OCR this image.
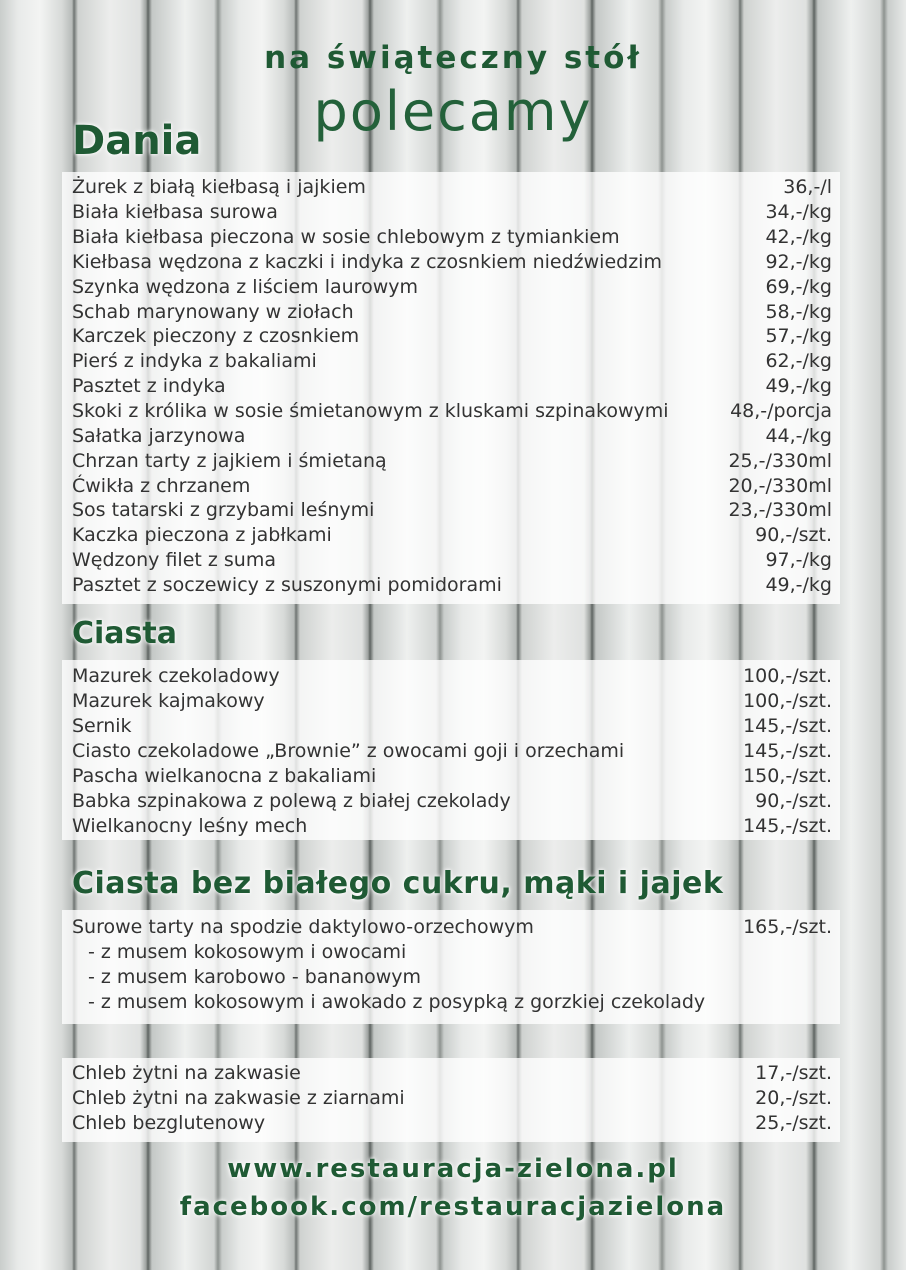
na świąteczny stół
polecamy
Dania
Ciasta
Ciasta bez białego cukru, mąki i jajek
Żurek z białą kiełbasą i jajkiem	36,-/l
Biała kiełbasa surowa	34,-/kg
Biała kiełbasa pieczona w sosie chlebowym z tymiankiem	42,-/kg
Kiełbasa wędzona z kaczki i indyka z czosnkiem niedźwiedzim	92,-/kg
Szynka wędzona z liściem laurowym	69,-/kg
Schab marynowany w ziołach	58,-/kg
Karczek pieczony z czosnkiem	57,-/kg
Pierś z indyka z bakaliami	62,-/kg
Pasztet z indyka	49,-/kg
Skoki z królika w sosie śmietanowym z kluskami szpinakowymi	48,-/porcja
Sałatka jarzynowa	44,-/kg
Chrzan tarty z jajkiem i śmietaną	25,-/330ml
Ćwikła z chrzanem	20,-/330ml
Sos tatarski z grzybami leśnymi	23,-/330ml
Kaczka pieczona z jabłkami	90,-/szt.
Wędzony filet z suma	97,-/kg
Pasztet z soczewicy z suszonymi pomidorami	49,-/kg
Mazurek czekoladowy	100,-/szt.
Mazurek kajmakowy	100,-/szt.
Sernik	145,-/szt.
Ciasto czekoladowe „Brownie” z owocami goji i orzechami	145,-/szt.
Pascha wielkanocna z bakaliami	150,-/szt.
Babka szpinakowa z polewą z białej czekolady	90,-/szt.
Wielkanocny leśny mech	145,-/szt.
Surowe tarty na spodzie daktylowo-orzechowym	165,-/szt.
- z musem kokosowym i owocami
- z musem karobowo - bananowym
- z musem kokosowym i awokado z posypką z gorzkiej czekolady
Chleb żytni na zakwasie	17,-/szt.
Chleb żytni na zakwasie z ziarnami	20,-/szt.
Chleb bezglutenowy	25,-/szt.
www.restauracja-zielona.pl
facebook.com/restauracjazielona
